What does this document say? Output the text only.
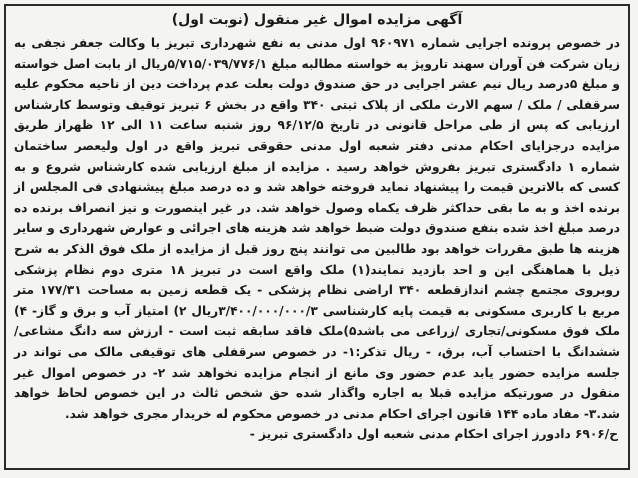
آگهی مزایده اموال غیر منقول (نوبت اول)

در خصوص پرونده اجرایی شماره ۹۶۰۹۷۱ اول مدنی به نفع شهرداری تبریز با وکالت جعفر نجفی به زیان شرکت فن آوران سهند تاروپژ به خواسته مطالبه مبلغ ۵/۷۱۵/۰۳۹/۷۷۶/۱ریال از بابت اصل خواسته و مبلغ ۵درصد ریال نیم عشر اجرایی در حق صندوق دولت بعلت عدم پرداخت دین از ناحیه محکوم علیه سرقفلی / ملک / سهم الارث ملکی از پلاک ثبتی ۳۴۰ واقع در بخش ۶ تبریز توقیف وتوسط کارشناس ارزیابی که پس از طی مراحل قانونی در تاریخ ۹۶/۱۲/۵ روز شنبه ساعت ۱۱ الی ۱۲ ظهراز طریق مزایده درجزایای احکام مدنی دفتر شعبه اول مدنی حقوقی تبریز واقع در اول ولیعصر ساختمان شماره ۱ دادگستری تبریز بفروش خواهد رسید . مزایده از مبلغ ارزیابی شده کارشناس شروع و به کسی که بالاترین قیمت را پیشنهاد نماید فروخته خواهد شد و ده درصد مبلغ پیشنهادی فی المجلس از برنده اخذ و به ما بقی حداکثر ظرف یکماه وصول خواهد شد. در غیر اینصورت و نیز انصراف برنده ده درصد مبلغ اخذ شده بنفع صندوق دولت ضبط خواهد شد هزینه های اجرائی و عوارض شهرداری و سایر هزینه ها طبق مقررات خواهد بود طالبین می توانند پنج روز قبل از مزایده از ملک فوق الذکر به شرح ذیل با هماهنگی این و احد بازدید نمایند(۱) ملک واقع است در تبریز ۱۸ متری دوم نظام پزشکی روبروی مجتمع چشم اندازقطعه ۳۴۰ اراضی نظام پزشکی - یک قطعه زمین به مساحت ۱۷۷/۳۱ متر مربع با کاربری مسکونی به قیمت پایه کارشناسی ۳/۴۰۰/۰۰۰/۰۰۰/۳ریال ۲) امتیاز آب و برق و گاز- ۴) ملک فوق مسکونی/تجاری /زراعی می باشد۵)ملک فاقد سابقه ثبت است - ارزش سه دانگ مشاعی/ششدانگ با احتساب آب، برق، - ریال تذکر:۱- در خصوص سرقفلی های توقیفی مالک می تواند در جلسه مزایده حضور یابد عدم حضور وی مانع از انجام مزایده نخواهد شد ۲- در خصوص اموال غیر منقول در صورتیکه مزایده قبلا به اجاره واگذار شده حق شخص ثالث در این خصوص لحاظ خواهد شد.۳- مفاد ماده ۱۴۴ قانون اجرای احکام مدنی در خصوص محکوم له خریدار مجری خواهد شد.

ح/۶۹۰۶ دادورز اجرای احکام مدنی شعبه اول دادگستری تبریز -
